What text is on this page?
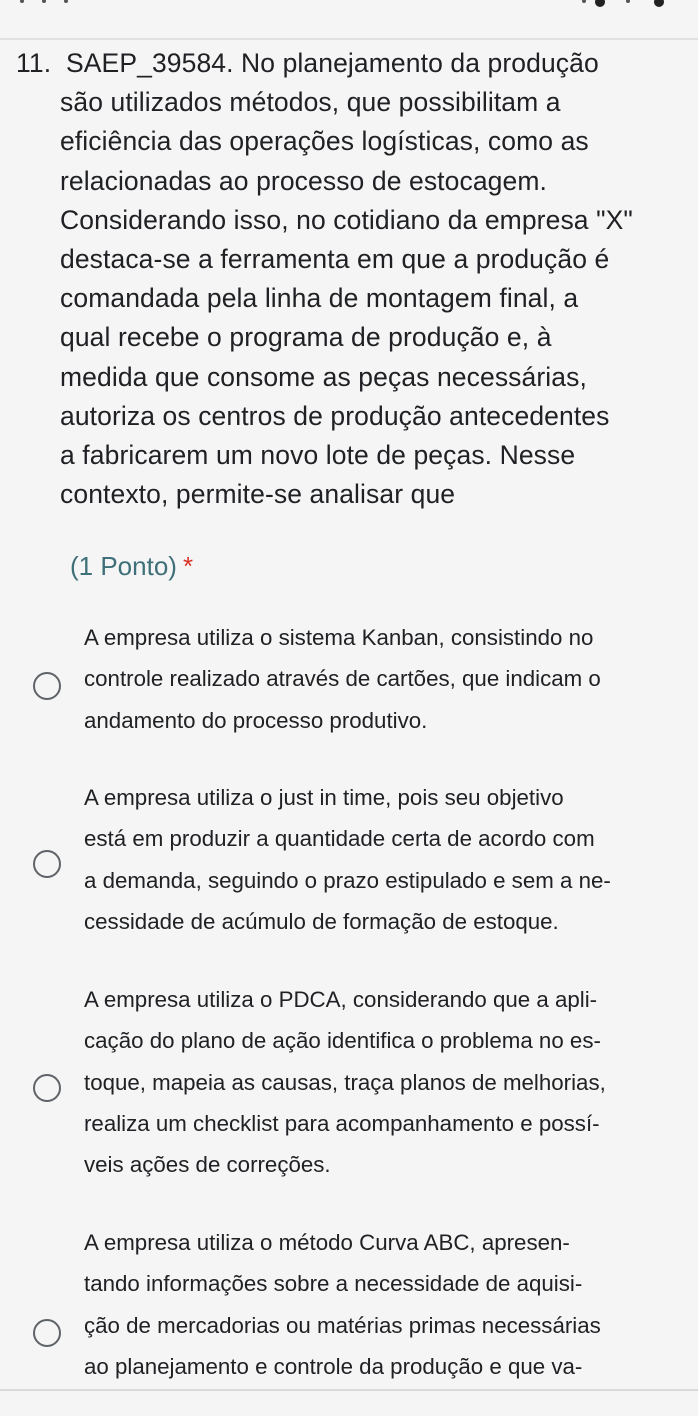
11. SAEP_39584. No planejamento da produção
são utilizados métodos, que possibilitam a
eficiência das operações logísticas, como as
relacionadas ao processo de estocagem.
Considerando isso, no cotidiano da empresa "X"
destaca-se a ferramenta em que a produção é
comandada pela linha de montagem final, a
qual recebe o programa de produção e, à
medida que consome as peças necessárias,
autoriza os centros de produção antecedentes
a fabricarem um novo lote de peças. Nesse
contexto, permite-se analisar que
(1 Ponto) *
A empresa utiliza o sistema Kanban, consistindo no
controle realizado através de cartões, que indicam o
andamento do processo produtivo.
A empresa utiliza o just in time, pois seu objetivo
está em produzir a quantidade certa de acordo com
a demanda, seguindo o prazo estipulado e sem a ne-
cessidade de acúmulo de formação de estoque.
A empresa utiliza o PDCA, considerando que a apli-
cação do plano de ação identifica o problema no es-
toque, mapeia as causas, traça planos de melhorias,
realiza um checklist para acompanhamento e possí-
veis ações de correções.
A empresa utiliza o método Curva ABC, apresen-
tando informações sobre a necessidade de aquisi-
ção de mercadorias ou matérias primas necessárias
ao planejamento e controle da produção e que va-
